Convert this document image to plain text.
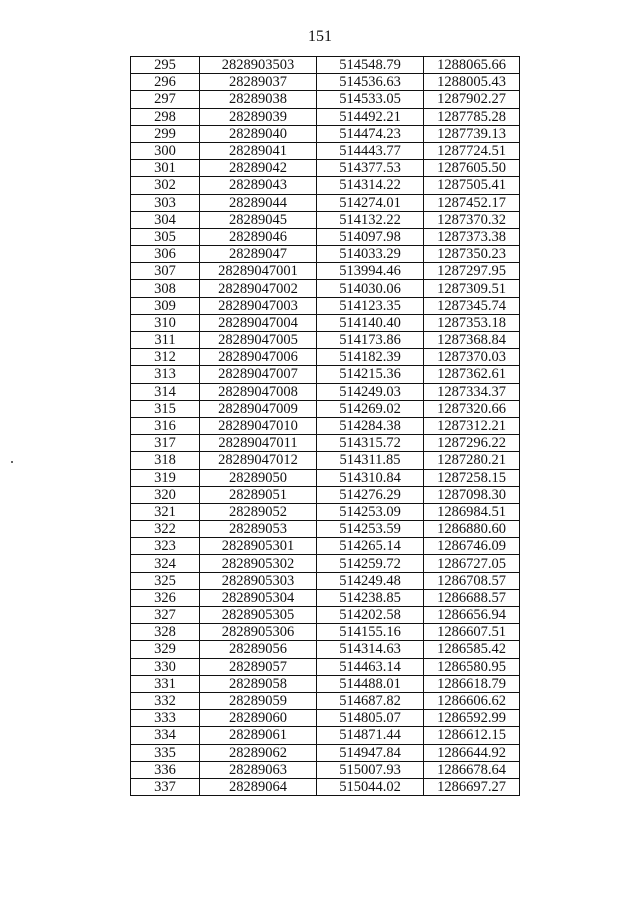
151
295	2828903503	514548.79	1288065.66
296	28289037	514536.63	1288005.43
297	28289038	514533.05	1287902.27
298	28289039	514492.21	1287785.28
299	28289040	514474.23	1287739.13
300	28289041	514443.77	1287724.51
301	28289042	514377.53	1287605.50
302	28289043	514314.22	1287505.41
303	28289044	514274.01	1287452.17
304	28289045	514132.22	1287370.32
305	28289046	514097.98	1287373.38
306	28289047	514033.29	1287350.23
307	28289047001	513994.46	1287297.95
308	28289047002	514030.06	1287309.51
309	28289047003	514123.35	1287345.74
310	28289047004	514140.40	1287353.18
311	28289047005	514173.86	1287368.84
312	28289047006	514182.39	1287370.03
313	28289047007	514215.36	1287362.61
314	28289047008	514249.03	1287334.37
315	28289047009	514269.02	1287320.66
316	28289047010	514284.38	1287312.21
317	28289047011	514315.72	1287296.22
318	28289047012	514311.85	1287280.21
319	28289050	514310.84	1287258.15
320	28289051	514276.29	1287098.30
321	28289052	514253.09	1286984.51
322	28289053	514253.59	1286880.60
323	2828905301	514265.14	1286746.09
324	2828905302	514259.72	1286727.05
325	2828905303	514249.48	1286708.57
326	2828905304	514238.85	1286688.57
327	2828905305	514202.58	1286656.94
328	2828905306	514155.16	1286607.51
329	28289056	514314.63	1286585.42
330	28289057	514463.14	1286580.95
331	28289058	514488.01	1286618.79
332	28289059	514687.82	1286606.62
333	28289060	514805.07	1286592.99
334	28289061	514871.44	1286612.15
335	28289062	514947.84	1286644.92
336	28289063	515007.93	1286678.64
337	28289064	515044.02	1286697.27
